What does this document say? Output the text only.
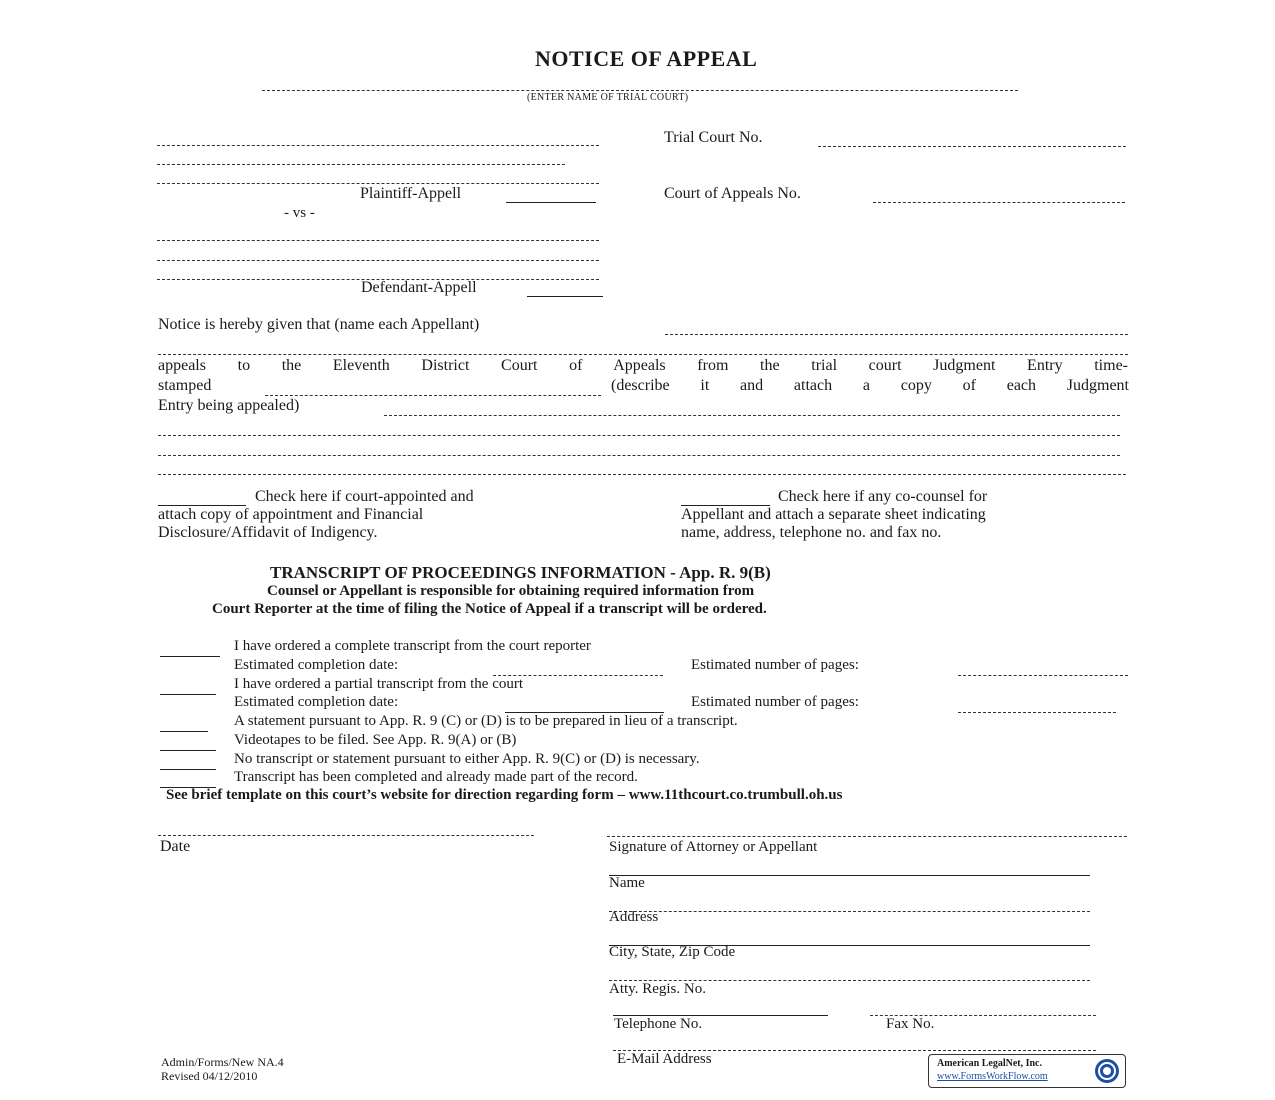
NOTICE OF APPEAL
(ENTER NAME OF TRIAL COURT)
Plaintiff-Appell
- vs -
Defendant-Appell
Trial Court No.
Court of Appeals No.
Notice is hereby given that (name each Appellant)
appeals to the Eleventh District Court of Appeals from the trial court Judgment Entry time-
stamped	(describe it and attach a copy of each Judgment
Entry being appealed)
Check here if court-appointed and
attach copy of appointment and Financial
Disclosure/Affidavit of Indigency.
Check here if any co-counsel for
Appellant and attach a separate sheet indicating
name, address, telephone no. and fax no.
TRANSCRIPT OF PROCEEDINGS INFORMATION - App. R. 9(B)
Counsel or Appellant is responsible for obtaining required information from
Court Reporter at the time of filing the Notice of Appeal if a transcript will be ordered.
I have ordered a complete transcript from the court reporter
Estimated completion date:	Estimated number of pages:
I have ordered a partial transcript from the court
Estimated completion date:	Estimated number of pages:
A statement pursuant to App. R. 9 (C) or (D) is to be prepared in lieu of a transcript.
Videotapes to be filed. See App. R. 9(A) or (B)
No transcript or statement pursuant to either App. R. 9(C) or (D) is necessary.
Transcript has been completed and already made part of the record.
See brief template on this court’s website for direction regarding form – www.11thcourt.co.trumbull.oh.us
Date	Signature of Attorney or Appellant
Name
Address
City, State, Zip Code
Atty. Regis. No.
Telephone No.	Fax No.
E-Mail Address
Admin/Forms/New NA.4
Revised 04/12/2010
American LegalNet, Inc.
www.FormsWorkFlow.com
